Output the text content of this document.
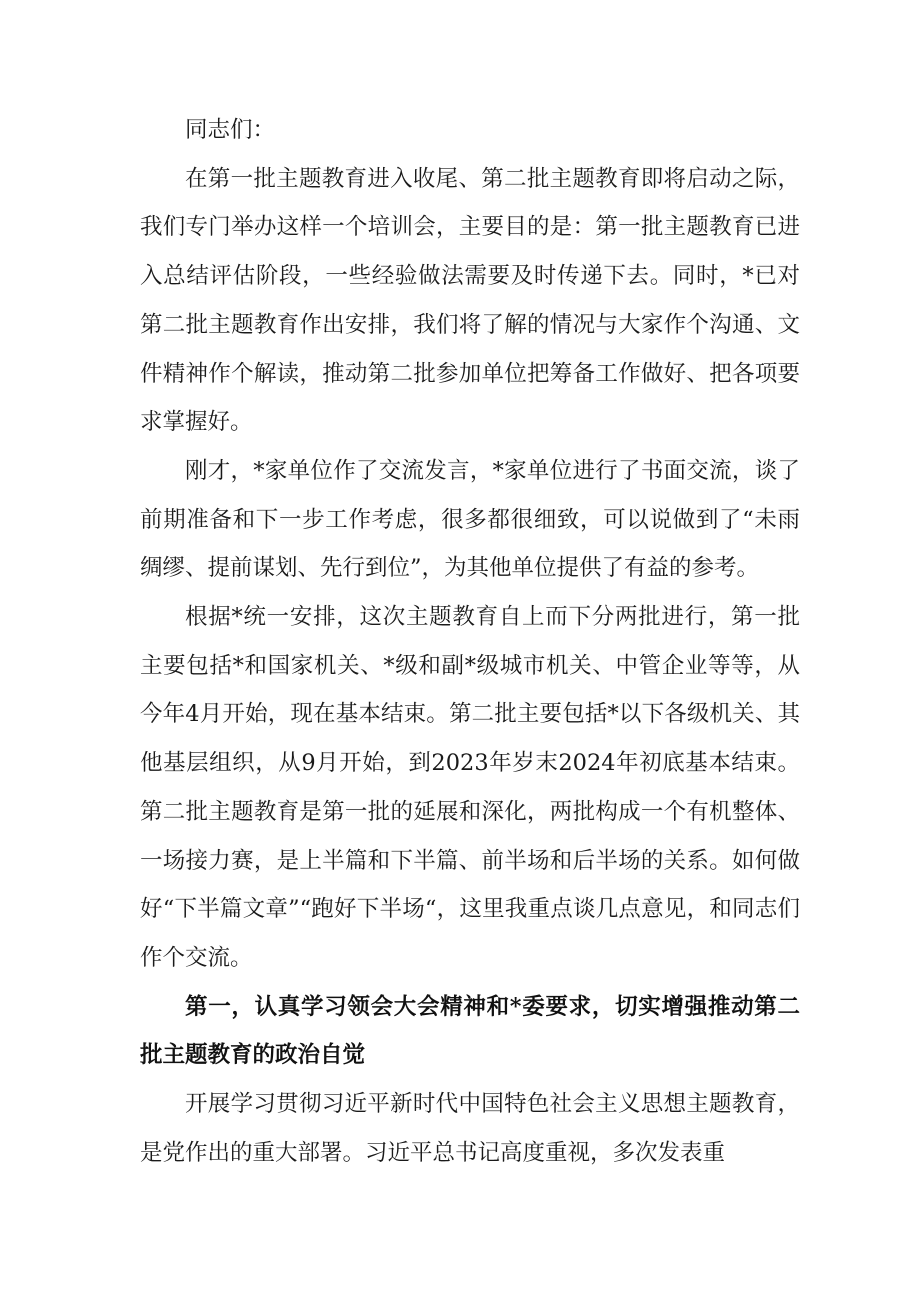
同志们：

在第一批主题教育进入收尾、第二批主题教育即将启动之际，我们专门举办这样一个培训会，主要目的是：第一批主题教育已进入总结评估阶段，一些经验做法需要及时传递下去。同时，*已对第二批主题教育作出安排，我们将了解的情况与大家作个沟通、文件精神作个解读，推动第二批参加单位把筹备工作做好、把各项要求掌握好。

刚才，*家单位作了交流发言，*家单位进行了书面交流，谈了前期准备和下一步工作考虑，很多都很细致，可以说做到了“未雨绸缪、提前谋划、先行到位”，为其他单位提供了有益的参考。

根据*统一安排，这次主题教育自上而下分两批进行，第一批主要包括*和国家机关、*级和副*级城市机关、中管企业等等，从今年4月开始，现在基本结束。第二批主要包括*以下各级机关、其他基层组织，从9月开始，到2023年岁末2024年初底基本结束。第二批主题教育是第一批的延展和深化，两批构成一个有机整体、一场接力赛，是上半篇和下半篇、前半场和后半场的关系。如何做好“下半篇文章”“跑好下半场“，这里我重点谈几点意见，和同志们作个交流。

第一，认真学习领会大会精神和*委要求，切实增强推动第二批主题教育的政治自觉

开展学习贯彻习近平新时代中国特色社会主义思想主题教育，是党作出的重大部署。习近平总书记高度重视，多次发表重
